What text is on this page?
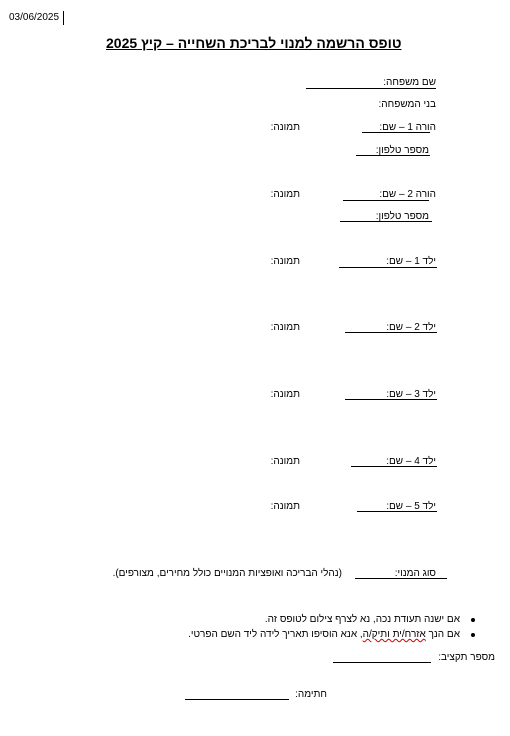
03/06/2025
טופס הרשמה למנוי לבריכת השחייה – קיץ 2025
שם משפחה:
בני המשפחה:
הורה 1 – שם:
תמונה:
מספר טלפון:
הורה 2 – שם:
תמונה:
מספר טלפון:
ילד 1 – שם:
תמונה:
ילד 2 – שם:
תמונה:
ילד 3 – שם:
תמונה:
ילד 4 – שם:
תמונה:
ילד 5 – שם:
תמונה:
סוג המנוי:
(נהלי הבריכה ואופציות המנויים כולל מחירים, מצורפים).
אם ישנה תעודת נכה, נא לצרף צילום לטופס זה.
אם הנך אזרח/ית ותיק/ה, אנא הוסיפו תאריך לידה ליד השם הפרטי.
מספר תקציב:
חתימה:
